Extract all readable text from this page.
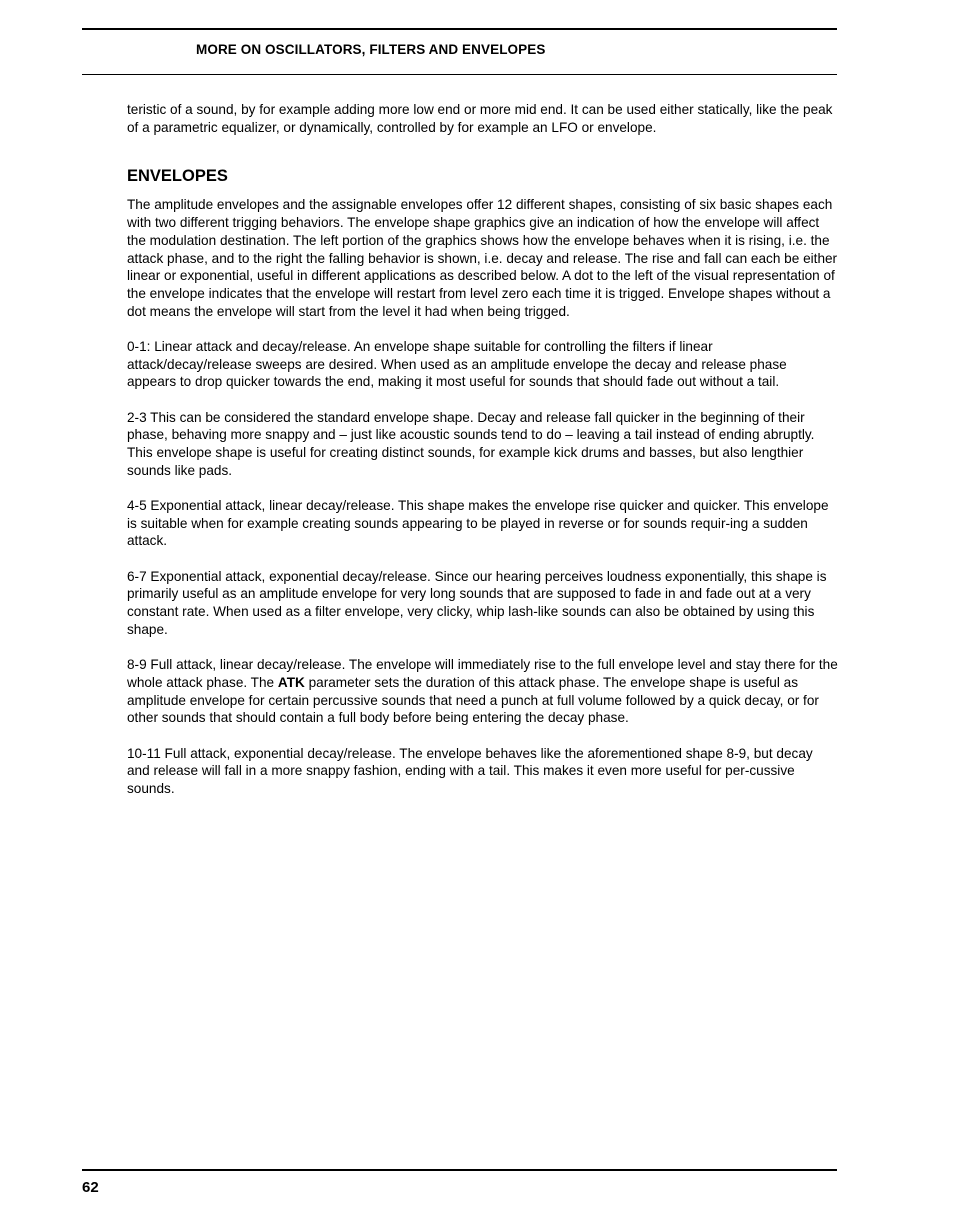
MORE ON OSCILLATORS, FILTERS AND ENVELOPES

teristic of a sound, by for example adding more low end or more mid end. It can be used either statically, like the peak of a parametric equalizer, or dynamically, controlled by for example an LFO or envelope.

ENVELOPES

The amplitude envelopes and the assignable envelopes offer 12 different shapes, consisting of six basic shapes each with two different trigging behaviors. The envelope shape graphics give an indication of how the envelope will affect the modulation destination. The left portion of the graphics shows how the envelope behaves when it is rising, i.e. the attack phase, and to the right the falling behavior is shown, i.e. decay and release. The rise and fall can each be either linear or exponential, useful in different applications as described below. A dot to the left of the visual representation of the envelope indicates that the envelope will restart from level zero each time it is trigged. Envelope shapes without a dot means the envelope will start from the level it had when being trigged.

0-1: Linear attack and decay/release. An envelope shape suitable for controlling the filters if linear attack/decay/release sweeps are desired. When used as an amplitude envelope the decay and release phase appears to drop quicker towards the end, making it most useful for sounds that should fade out without a tail.

2-3 This can be considered the standard envelope shape. Decay and release fall quicker in the beginning of their phase, behaving more snappy and – just like acoustic sounds tend to do – leaving a tail instead of ending abruptly. This envelope shape is useful for creating distinct sounds, for example kick drums and basses, but also lengthier sounds like pads.

4-5 Exponential attack, linear decay/release. This shape makes the envelope rise quicker and quicker. This envelope is suitable when for example creating sounds appearing to be played in reverse or for sounds requir-ing a sudden attack.

6-7 Exponential attack, exponential decay/release. Since our hearing perceives loudness exponentially, this shape is primarily useful as an amplitude envelope for very long sounds that are supposed to fade in and fade out at a very constant rate. When used as a filter envelope, very clicky, whip lash-like sounds can also be obtained by using this shape.

8-9 Full attack, linear decay/release. The envelope will immediately rise to the full envelope level and stay there for the whole attack phase. The ATK parameter sets the duration of this attack phase. The envelope shape is useful as amplitude envelope for certain percussive sounds that need a punch at full volume followed by a quick decay, or for other sounds that should contain a full body before being entering the decay phase.

10-11 Full attack, exponential decay/release. The envelope behaves like the aforementioned shape 8-9, but decay and release will fall in a more snappy fashion, ending with a tail. This makes it even more useful for per-cussive sounds.

62
